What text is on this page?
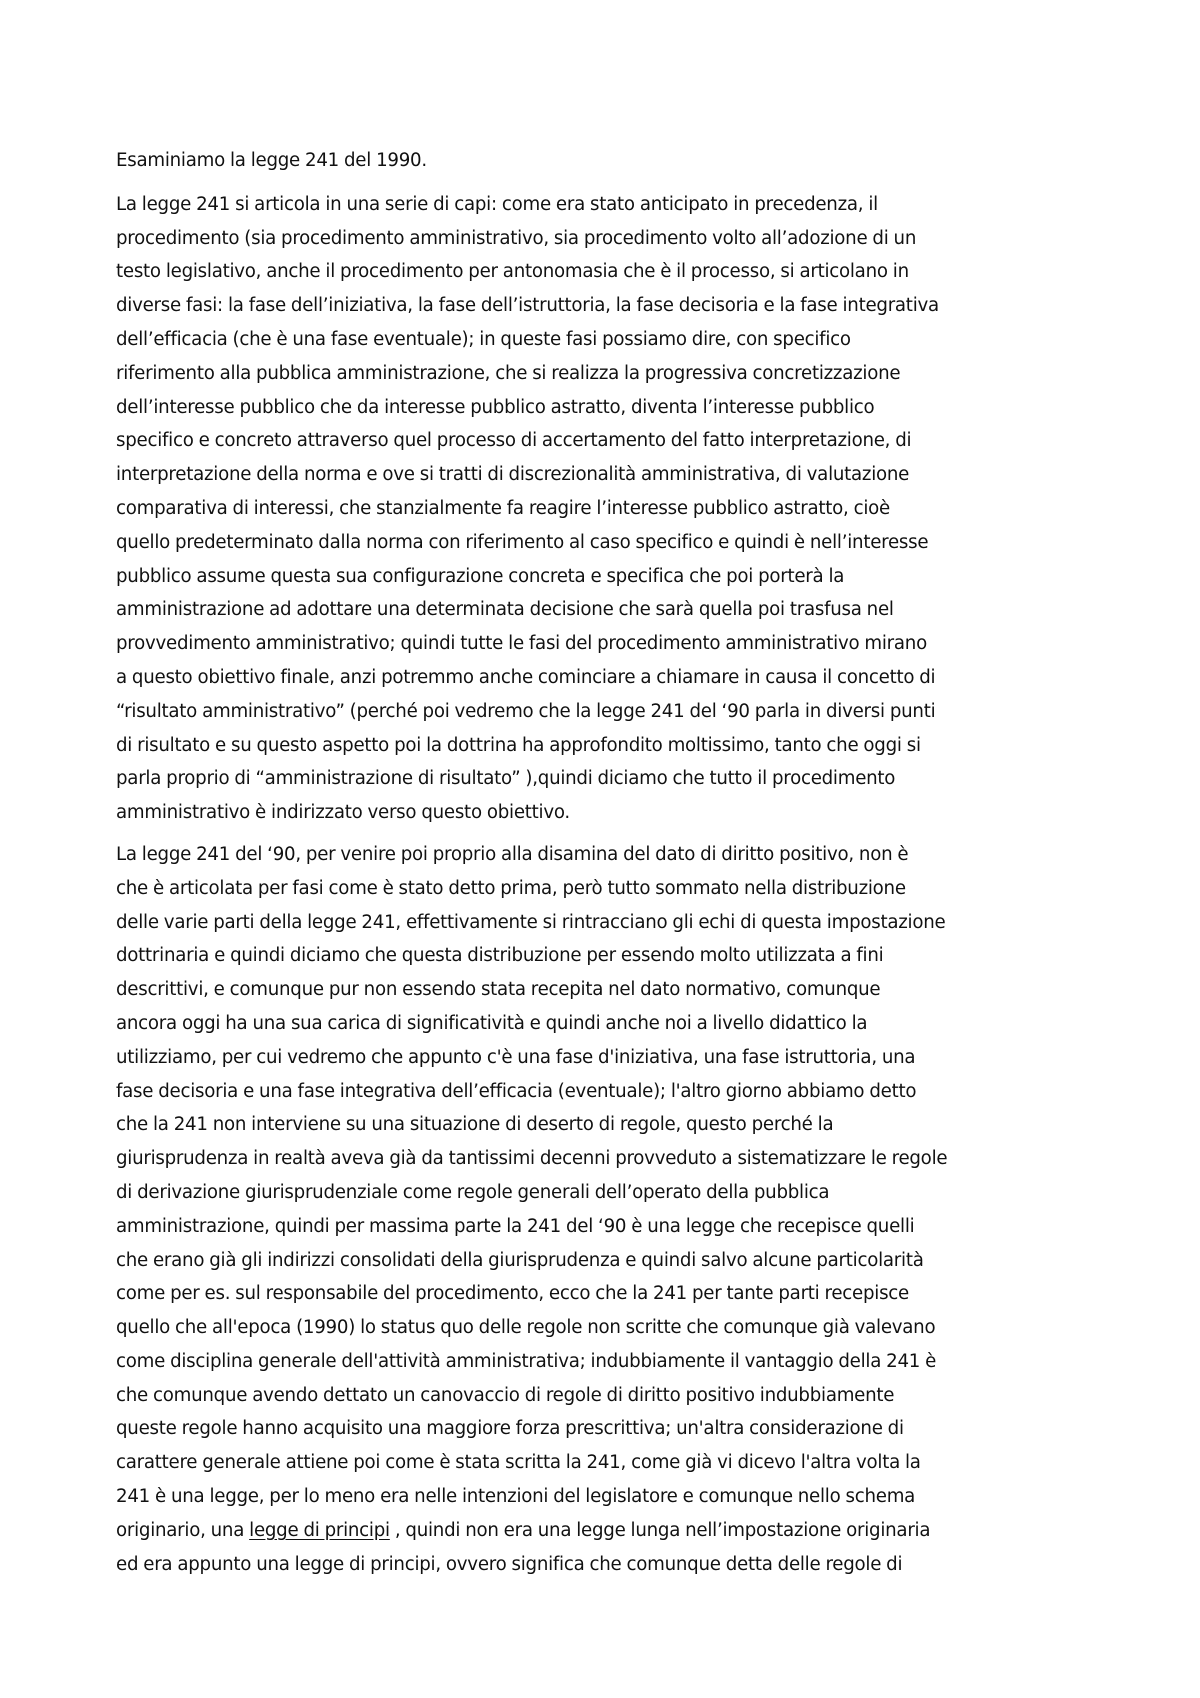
Esaminiamo la legge 241 del 1990.
La legge 241 si articola in una serie di capi: come era stato anticipato in precedenza, il
procedimento (sia procedimento amministrativo, sia procedimento volto all’adozione di un
testo legislativo, anche il procedimento per antonomasia che è il processo, si articolano in
diverse fasi: la fase dell’iniziativa, la fase dell’istruttoria, la fase decisoria e la fase integrativa
dell’efficacia (che è una fase eventuale); in queste fasi possiamo dire, con specifico
riferimento alla pubblica amministrazione, che si realizza la progressiva concretizzazione
dell’interesse pubblico che da interesse pubblico astratto, diventa l’interesse pubblico
specifico e concreto attraverso quel processo di accertamento del fatto interpretazione, di
interpretazione della norma e ove si tratti di discrezionalità amministrativa, di valutazione
comparativa di interessi, che stanzialmente fa reagire l’interesse pubblico astratto, cioè
quello predeterminato dalla norma con riferimento al caso specifico e quindi è nell’interesse
pubblico assume questa sua configurazione concreta e specifica che poi porterà la
amministrazione ad adottare una determinata decisione che sarà quella poi trasfusa nel
provvedimento amministrativo; quindi tutte le fasi del procedimento amministrativo mirano
a questo obiettivo finale, anzi potremmo anche cominciare a chiamare in causa il concetto di
“risultato amministrativo” (perché poi vedremo che la legge 241 del ‘90 parla in diversi punti
di risultato e su questo aspetto poi la dottrina ha approfondito moltissimo, tanto che oggi si
parla proprio di “amministrazione di risultato” ),quindi diciamo che tutto il procedimento
amministrativo è indirizzato verso questo obiettivo.
La legge 241 del ‘90, per venire poi proprio alla disamina del dato di diritto positivo, non è
che è articolata per fasi come è stato detto prima, però tutto sommato nella distribuzione
delle varie parti della legge 241, effettivamente si rintracciano gli echi di questa impostazione
dottrinaria e quindi diciamo che questa distribuzione per essendo molto utilizzata a fini
descrittivi, e comunque pur non essendo stata recepita nel dato normativo, comunque
ancora oggi ha una sua carica di significatività e quindi anche noi a livello didattico la
utilizziamo, per cui vedremo che appunto c'è una fase d'iniziativa, una fase istruttoria, una
fase decisoria e una fase integrativa dell’efficacia (eventuale); l'altro giorno abbiamo detto
che la 241 non interviene su una situazione di deserto di regole, questo perché la
giurisprudenza in realtà aveva già da tantissimi decenni provveduto a sistematizzare le regole
di derivazione giurisprudenziale come regole generali dell’operato della pubblica
amministrazione, quindi per massima parte la 241 del ‘90 è una legge che recepisce quelli
che erano già gli indirizzi consolidati della giurisprudenza e quindi salvo alcune particolarità
come per es. sul responsabile del procedimento, ecco che la 241 per tante parti recepisce
quello che all'epoca (1990) lo status quo delle regole non scritte che comunque già valevano
come disciplina generale dell'attività amministrativa; indubbiamente il vantaggio della 241 è
che comunque avendo dettato un canovaccio di regole di diritto positivo indubbiamente
queste regole hanno acquisito una maggiore forza prescrittiva; un'altra considerazione di
carattere generale attiene poi come è stata scritta la 241, come già vi dicevo l'altra volta la
241 è una legge, per lo meno era nelle intenzioni del legislatore e comunque nello schema
originario, una legge di principi , quindi non era una legge lunga nell’impostazione originaria
ed era appunto una legge di principi, ovvero significa che comunque detta delle regole di
